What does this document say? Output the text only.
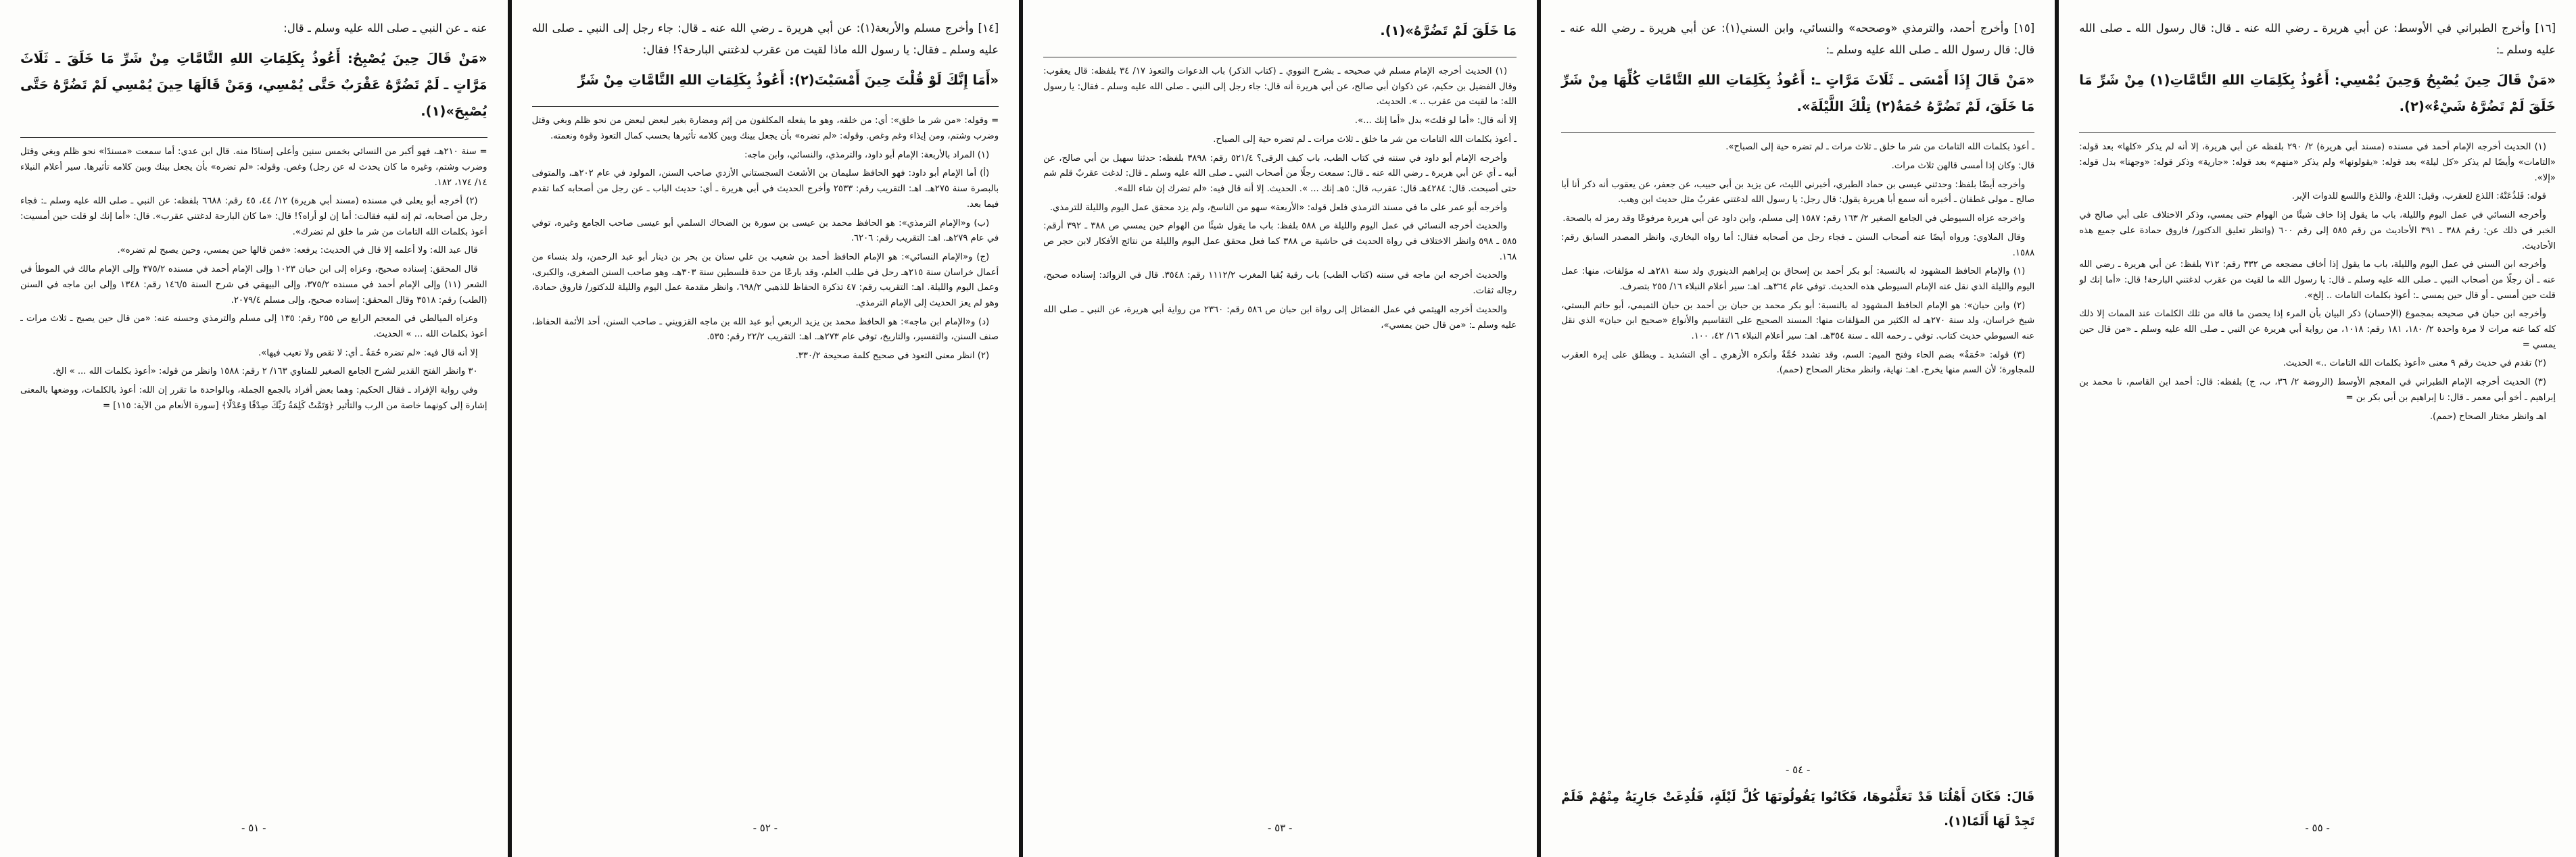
[١٦] وأخرج الطبراني في الأوسط: عن أبي هريرة ـ رضي الله عنه ـ قال: قال رسول الله ـ صلى الله عليه وسلم ـ:

«مَنْ قَالَ حِينَ يُصْبِحُ وَحِينَ يُمْسِي: أَعُوذُ بِكَلِمَاتِ اللهِ التَّامَّاتِ(١) مِنْ شَرِّ مَا خَلَقَ لَمْ تَضُرَّهُ شَيْءٌ»(٢).

(١) الحديث أخرجه الإمام أحمد في مسنده (مسند أبي هريرة) ٢/ ٢٩٠ بلفظه عن أبي هريرة، إلا أنه لم يذكر «كلها» بعد قوله: «التامات» وأيضًا لم يذكر «كل ليلة» بعد قوله: «يقولونها» ولم يذكر «منهم» بعد قوله: «جارية» وذكر قوله: «وجهنا» بدل قوله: «إلا».

قوله: فَلذُعَتْهُ: اللذع للعقرب، وقيل: اللدغ، واللذع واللسع للدوات الإبر.

وأخرجه النسائي في عمل اليوم والليلة، باب ما يقول إذا خاف شيئًا من الهوام حتى يمسي، وذكر الاختلاف على أبي صالح في الخبر في ذلك عن: رقم ٣٨٨ ـ ٣٩١ الأحاديث من رقم ٥٨٥ إلى رقم ٦٠٠ (واتظر تعليق الدكتور/ فاروق حمادة على جميع هذه الأحاديث.

وأخرجه ابن السني في عمل اليوم والليلة، باب ما يقول إذا أخاف مضجعه ص ٣٣٢ رقم: ٧١٢ بلفظ: عن أبي هريرة ـ رضي الله عنه ـ أن رجلًا من أصحاب النبي ـ صلى الله عليه وسلم ـ قال: يا رسول الله ما لقيت من عقرب لدغتني البارحة! قال: «أما إنك لو قلت حين أمسي ـ أو قال حين يمسي ـ: أعوذ بكلمات التامات .. إلخ».

وأخرجه ابن حبان في صحيحه بمجموع (الإحسان) ذكر البيان بأن المرء إذا يحصن ما قاله من تلك الكلمات عند الممات إلا ذلك كله كما عنه مرات لا مرة واحدة ٢/ ١٨٠، ١٨١ رقم: ١٠١٨، من رواية أبي هريرة عن النبي ـ صلى الله عليه وسلم ـ «من قال حين يمسي =

(٢) تقدم في حديث رقم ٩ معنى «أعوذ بكلمات الله التامات ..» الحديث.

(٣) الحديث أخرجه الإمام الطبراني في المعجم الأوسط (الروضة ٢/ ٣٦، ب، ج) بلفظه: قال: أحمد ابن القاسم، نا محمد بن إبراهيم ـ أخو أبي معمر ـ قال: نا إبراهيم بن أبي بكر بن =

اهـ وانظر مختار الصحاح (حمم).

- ٥٥ -

[١٥] وأخرج أحمد، والترمذي «وصححه» والنسائي، وابن السني(١): عن أبي هريرة ـ رضي الله عنه ـ قال: قال رسول الله ـ صلى الله عليه وسلم ـ:

«مَنْ قَالَ إِذَا أَمْسَى ـ ثَلَاثَ مَرَّاتٍ ـ: أَعُوذُ بِكَلِمَاتِ اللهِ التَّامَّاتِ كُلِّهَا مِنْ شَرِّ مَا خَلَقَ، لَمْ تَضُرَّهُ حُمَةٌ(٢) تِلْكَ اللَّيْلَةَ».

ـ أعوذ بكلمات الله التامات من شر ما خلق ـ ثلاث مرات ـ لم تضره حية إلى الصباح».

قال: وكان إذا أمسى قالهن ثلاث مرات.

وأخرجه أيضًا بلفظ: وحدثني عيسى بن حماد الطبري، أخبرني الليث، عن يزيد بن أبي حبيب، عن جعفر، عن يعقوب أنه ذكر أنا أبا صالح ـ مولى غطفان ـ أخبره أنه سمع أبا هريرة يقول: قال رجل: يا رسول الله لدغتني عقربٌ مثل حديث ابن وهب.

واخرجه عزاه السيوطي في الجامع الصغير ٢/ ١٦٣ رقم: ١٥٨٧ إلى مسلم، وابن داود عن أبي هريرة مرفوعًا وقد رمز له بالصحة.

وقال الملاوي: ورواه أيضًا عنه أصحاب السنن ـ فجاء رجل من أصحابه فقال: أما رواه البخاري، وانظر المصدر السابق رقم: ١٥٨٨.

(١) والإمام الحافظ المشهود له بالنسبة: أبو بكر أحمد بن إسحاق بن إبراهيم الدينوري ولد سنة ٢٨١هـ له مؤلفات، منها: عمل اليوم والليلة الذي نقل عنه الإمام السيوطي هذه الحديث. توفي عام ٣٦٤هـ. اهـ: سير أعلام النبلاء ١٦/ ٢٥٥ بتصرف.

(٢) وابن حبان»: هو الإمام الحافظ المشهود له بالنسبة: أبو بكر محمد بن حبان بن أحمد بن حبان التميمي، أبو حاتم البستي، شيخ خراسان، ولد سنة ٢٧٠هـ له الكثير من المؤلفات منها: المسند الصحيح على التقاسيم والأنواع «صحيح ابن حبان» الذي نقل عنه السيوطي حديث كتاب. توفي ـ رحمه الله ـ سنة ٣٥٤هـ. اهـ: سير أعلام النبلاء ١٦/ ٤٢، ١٠٠.

(٣) قوله: «حُمَةٌ» بضم الحاء وفتح الميم: السم، وقد تشدد حُمَّةٌ وأنكره الأزهري ـ أي التشديد ـ ويطلق على إبرة العقرب للمجاورة؛ لأن السم منها يخرج. اهـ: نهاية، وانظر مختار الصحاح (حمم).

- ٥٤ -
قَالَ: فَكَانَ أَهْلُنَا قَدْ تَعَلَّمُوهَا، فَكَانُوا يَقُولُونَهَا كُلَّ لَيْلَةٍ، فَلُدِغَتْ جَارِيَةٌ مِنْهُمْ فَلَمْ تَجِدْ لَهَا أَلَمًا(١).

مَا خَلَقَ لَمْ تَضُرَّهُ»(١).

(١) الحديث أخرجه الإمام مسلم في صحيحه ـ بشرح النووي ـ (كتاب الذكر) باب الدعوات والتعوذ ١٧/ ٣٤ بلفظه: قال يعقوب: وقال الفضيل بن حكيم، عن ذكوان أبي صالح، عن أبي هريرة أنه قال: جاء رجل إلى النبي ـ صلى الله عليه وسلم ـ فقال: يا رسول الله: ما لقيت من عقرب .. ». الحديث.

إلا أنه قال: «أما لو قلتَ» بدل «أما إنك ...».

ـ أعوذ بكلمات الله التامات من شر ما خلق ـ ثلاث مرات ـ لم تضره حية إلى الصباح.

وأخرجه الإمام أبو داود في سننه في كتاب الطب، باب كيف الرقى؟ ٥٢١/٤ رقم: ٣٨٩٨ بلفظه: حدثنا سهيل بن أبي صالح، عن أبيه ـ أي عن أبي هريرة ـ رضي الله عنه ـ قال: سمعت رجلًا من أصحاب النبي ـ صلى الله عليه وسلم ـ قال: لدغت عقربٌ قلم شم حتى أصبحت. قال: ٤٢٨٤هـ قال: عقرب، قال: ٥هـ إنك ... ». الحديث. إلا أنه قال فيه: «لم تضرك إن شاء الله».

وأخرجه أبو عمر على ما في مسند الترمذي فلعل قوله: «الأربعة» سهو من الناسخ، ولم يزد محقق عمل اليوم والليلة للترمذي.

والحديث أخرجه النسائي في عمل اليوم والليلة ص ٥٨٨ بلفظ: باب ما يقول شيئًا من الهوام حين يمسي ص ٣٨٨ ـ ٣٩٢ أرقم: ٥٨٥ ـ ٥٩٨ وانظر الاختلاف في رواة الحديث في حاشية ص ٣٨٨ كما فعل محقق عمل اليوم والليلة من نتائج الأفكار لابن حجر ص ١٦٨.

والحديث أخرجه ابن ماجه في سننه (كتاب الطب) باب رقية بُقيا المغرب ١١١٢/٢ رقم: ٣٥٤٨. قال في الزوائد: إسناده صحيح، رجاله ثقات.

والحديث أخرجه الهيثمي في عمل الفضائل إلى رواة ابن حبان ص ٥٨٦ رقم: ٢٣٦٠ من رواية أبي هريرة، عن النبي ـ صلى الله عليه وسلم ـ: «من قال حين يمسي»،

- ٥٣ -

[١٤] وأخرج مسلم والأربعة(١): عن أبي هريرة ـ رضي الله عنه ـ قال: جاء رجل إلى النبي ـ صلى الله عليه وسلم ـ فقال: يا رسول الله ماذا لقيت من عقرب لدغتني البارحة؟! فقال:

«أَمَا إِنَّكَ لَوْ قُلْتَ حِينَ أَمْسَيْتَ(٢): أَعُوذُ بِكَلِمَاتِ اللهِ التَّامَّاتِ مِنْ شَرِّ

= وقوله: «من شر ما خلق»: أي: من خلقه، وهو ما يفعله المكلفون من إثم ومضارة بغير لبعض لبعض من نحو ظلم وبغي وقتل وضرب وشتم، ومن إيذاء وغم وغص. وقوله: «لم تضره» بأن يجعل بينك وبين كلامه تأثيرها بحسب كمال التعوذ وقوة ونعمته.

(١) المراد بالأربعة: الإمام أبو داود، والترمذي، والنسائي، وابن ماجه:

(أ) أما الإمام أبو داود: فهو الحافظ سليمان بن الأشعث السجستاني الأزدي صاحب السنن، المولود في عام ٢٠٢هـ، والمتوفى بالبصرة سنة ٢٧٥هـ. اهـ: التقريب رقم: ٢٥٣٣ وأخرج الحديث في أبي هريرة ـ أي: حديث الباب ـ عن رجل من أصحابه كما تقدم فيما بعد.

(ب) و«الإمام الترمذي»: هو الحافظ محمد بن عيسى بن سورة بن الضحاك السلمي أبو عيسى صاحب الجامع وغيره، توفي في عام ٢٧٩هـ. اهـ: التقريب رقم: ٦٢٠٦.

(ج) و«الإمام النسائي»: هو الإمام الحافظ أحمد بن شعيب بن علي سنان بن بحر بن دينار أبو عبد الرحمن، ولد بنساء من أعمال خراسان سنة ٢١٥هـ رحل في طلب العلم، وقد بارعًا من حدة فلسطين سنة ٣٠٣هـ، وهو صاحب السنن الصغرى، والكبرى، وعمل اليوم والليلة. اهـ: التقريب رقم: ٤٧ تذكرة الحفاظ للذهبي ٦٩٨/٢، وانظر مقدمة عمل اليوم والليلة للدكتور/ فاروق حمادة، وهو لم يعز الحديث إلى الإمام الترمذي.

(د) و«الإمام ابن ماجه»: هو الحافظ محمد بن يزيد الربعي أبو عبد الله بن ماجه القزويني ـ صاحب السنن، أحد الأئمة الحفاظ، صنف السنن، والتفسير، والتاريخ، توفي عام ٢٧٣هـ. اهـ: التقريب ٢٢/٢ رقم: ٥٣٥.

(٢) انظر معنى التعوذ في صحيح كلمة صحيحة ٣٣٠/٢.

- ٥٢ -

عنه ـ عن النبي ـ صلى الله عليه وسلم ـ قال:

«مَنْ قَالَ حِينَ يُصْبِحُ: أَعُوذُ بِكَلِمَاتِ اللهِ التَّامَّاتِ مِنْ شَرِّ مَا خَلَقَ ـ ثَلَاثَ مَرَّاتٍ ـ لَمْ تَضُرَّهُ عَقْرَبٌ حَتَّى يُمْسِي، وَمَنْ قَالَهَا حِينَ يُمْسِي لَمْ تَضُرَّهُ حَتَّى يُصْبِحَ»(١).

= سنة ٢١٠هـ، فهو أكبر من النسائي بخمس سنين وأعلى إسنادًا منه. قال ابن عدي: أما سمعت «مسندًا» نحو ظلم وبغي وقتل وضرب وشتم، وغيره ما كان يحدث له عن رجل) وغص. وقوله: «لم تضره» بأن يجعل بينك وبين كلامه تأثيرها. سير أعلام النبلاء ١٤/ ١٧٤، ١٨٢.

(٢) أخرجه أبو يعلى في مسنده (مسند أبي هريرة) ١٢/ ٤٤، ٤٥ رقم: ٦٦٨٨ بلفظه: عن النبي ـ صلى الله عليه وسلم ـ: فجاء رجل من أصحابه، ثم إنه لقيه فقالت: أما إن لو أراه؟! قال: «ما كان البارحة لدغتني عقرب». قال: «أما إنك لو قلت حين أمسيت: أعوذ بكلمات الله التامات من شر ما خلق لم تضرك».

قال عبد الله: ولا أعلمه إلا قال في الحديث: يرفعه: «فمن قالها حين يمسي، وحين يصبح لم تضره».

قال المحقق: إسناده صحيح، وعزاه إلى ابن حبان ١٠٢٣ وإلى الإمام أحمد في مسنده ٣٧٥/٢ وإلى الإمام مالك في الموطأ في الشعر (١١) وإلى الإمام أحمد في مسنده ٣٧٥/٢، وإلى البيهقي في شرح السنة ١٤٦/٥ رقم: ١٣٤٨ وإلى ابن ماجه في السنن (الطب) رقم: ٣٥١٨ وقال المحقق: إسناده صحيح، وإلى مسلم ٢٠٧٩/٤.

وعزاه الميالطي في المعجم الرابع ص ٢٥٥ رقم: ١٣٥ إلى مسلم والترمذي وحسنه عنه: «من قال حين يصبح ـ ثلاث مرات ـ أعوذ بكلمات الله ... » الحديث.

إلا أنه قال فيه: «لم تضره حُمَةٌ ـ أي: لا تقص ولا تعيب فيها».

٣٠ وانظر الفتح القدير لشرح الجامع الصغير للمناوي ١٦٣/ ٢ رقم: ١٥٨٨ وانظر من قوله: «أعوذ بكلمات الله ... » الخ.

وفي رواية الإفراد ـ فقال الحكيم: وهما بعض أفراد بالجمع الجملة، وبالواحدة ما تقرر إن الله: أعوذ بالكلمات، ووضعها بالمعنى إشارة إلى كونهما خاصة من الرب والتأثير ﴿وَتَمَّتْ كَلِمَةُ رَبِّكَ صِدْقًا وَعَدْلًا﴾ [سورة الأنعام من الآية: ١١٥] =

- ٥١ -
